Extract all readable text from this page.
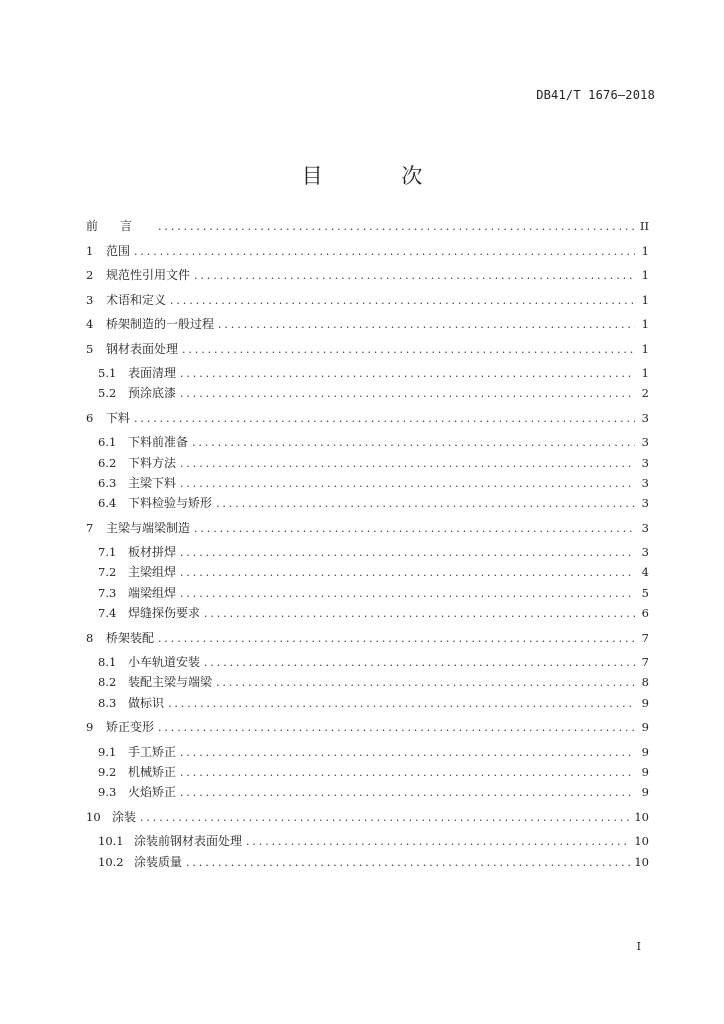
DB41/T 1676—2018
目 次
前言 .....	II
1	范围 .....	1
2	规范性引用文件 .....	1
3	术语和定义 .....	1
4	桥架制造的一般过程 .....	1
5	钢材表面处理 .....	1
5.1 表面清理 .....	1
5.2 预涂底漆 .....	2
6	下料 .....	3
6.1 下料前准备 .....	3
6.2 下料方法 .....	3
6.3 主梁下料 .....	3
6.4 下料检验与矫形 .....	3
7	主梁与端梁制造 .....	3
7.1 板材拼焊 .....	3
7.2 主梁组焊 .....	4
7.3 端梁组焊 .....	5
7.4 焊缝探伤要求 .....	6
8	桥架装配 .....	7
8.1 小车轨道安装 .....	7
8.2 装配主梁与端梁 .....	8
8.3 做标识 .....	9
9	矫正变形 .....	9
9.1 手工矫正 .....	9
9.2 机械矫正 .....	9
9.3 火焰矫正 .....	9
10 涂装 .....	10
10.1 涂装前钢材表面处理 .....	10
10.2 涂装质量 .....	10
I
